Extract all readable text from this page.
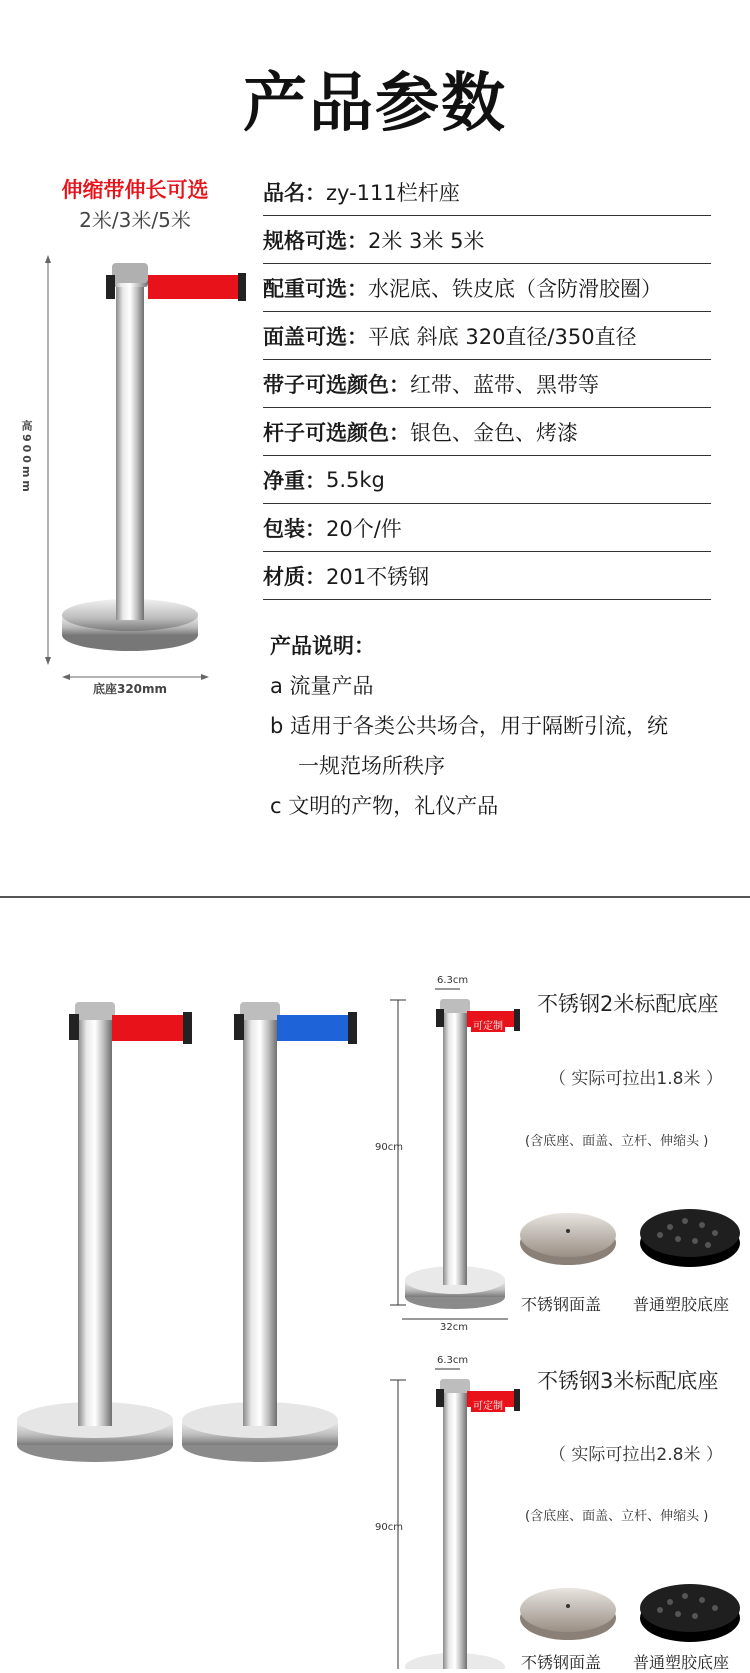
产品参数
伸缩带伸长可选
2米/3米/5米
高900mm
底座320mm
品名： zy-111栏杆座
规格可选： 2米 3米 5米
配重可选： 水泥底、铁皮底（含防滑胶圈）
面盖可选： 平底 斜底 320直径/350直径
带子可选颜色： 红带、蓝带、黑带等
杆子可选颜色： 银色、金色、烤漆
净重： 5.5kg
包装： 20个/件
材质： 201不锈钢
产品说明：
a 流量产品
b 适用于各类公共场合，用于隔断引流，统
一规范场所秩序
c 文明的产物，礼仪产品
6.3cm
90cm
32cm
可定制
不锈钢2米标配底座
（ 实际可拉出1.8米 ）
(含底座、面盖、立杆、伸缩头 )
不锈钢面盖 普通塑胶底座
6.3cm
90cm
可定制
不锈钢3米标配底座
（ 实际可拉出2.8米 ）
(含底座、面盖、立杆、伸缩头 )
不锈钢面盖 普通塑胶底座
